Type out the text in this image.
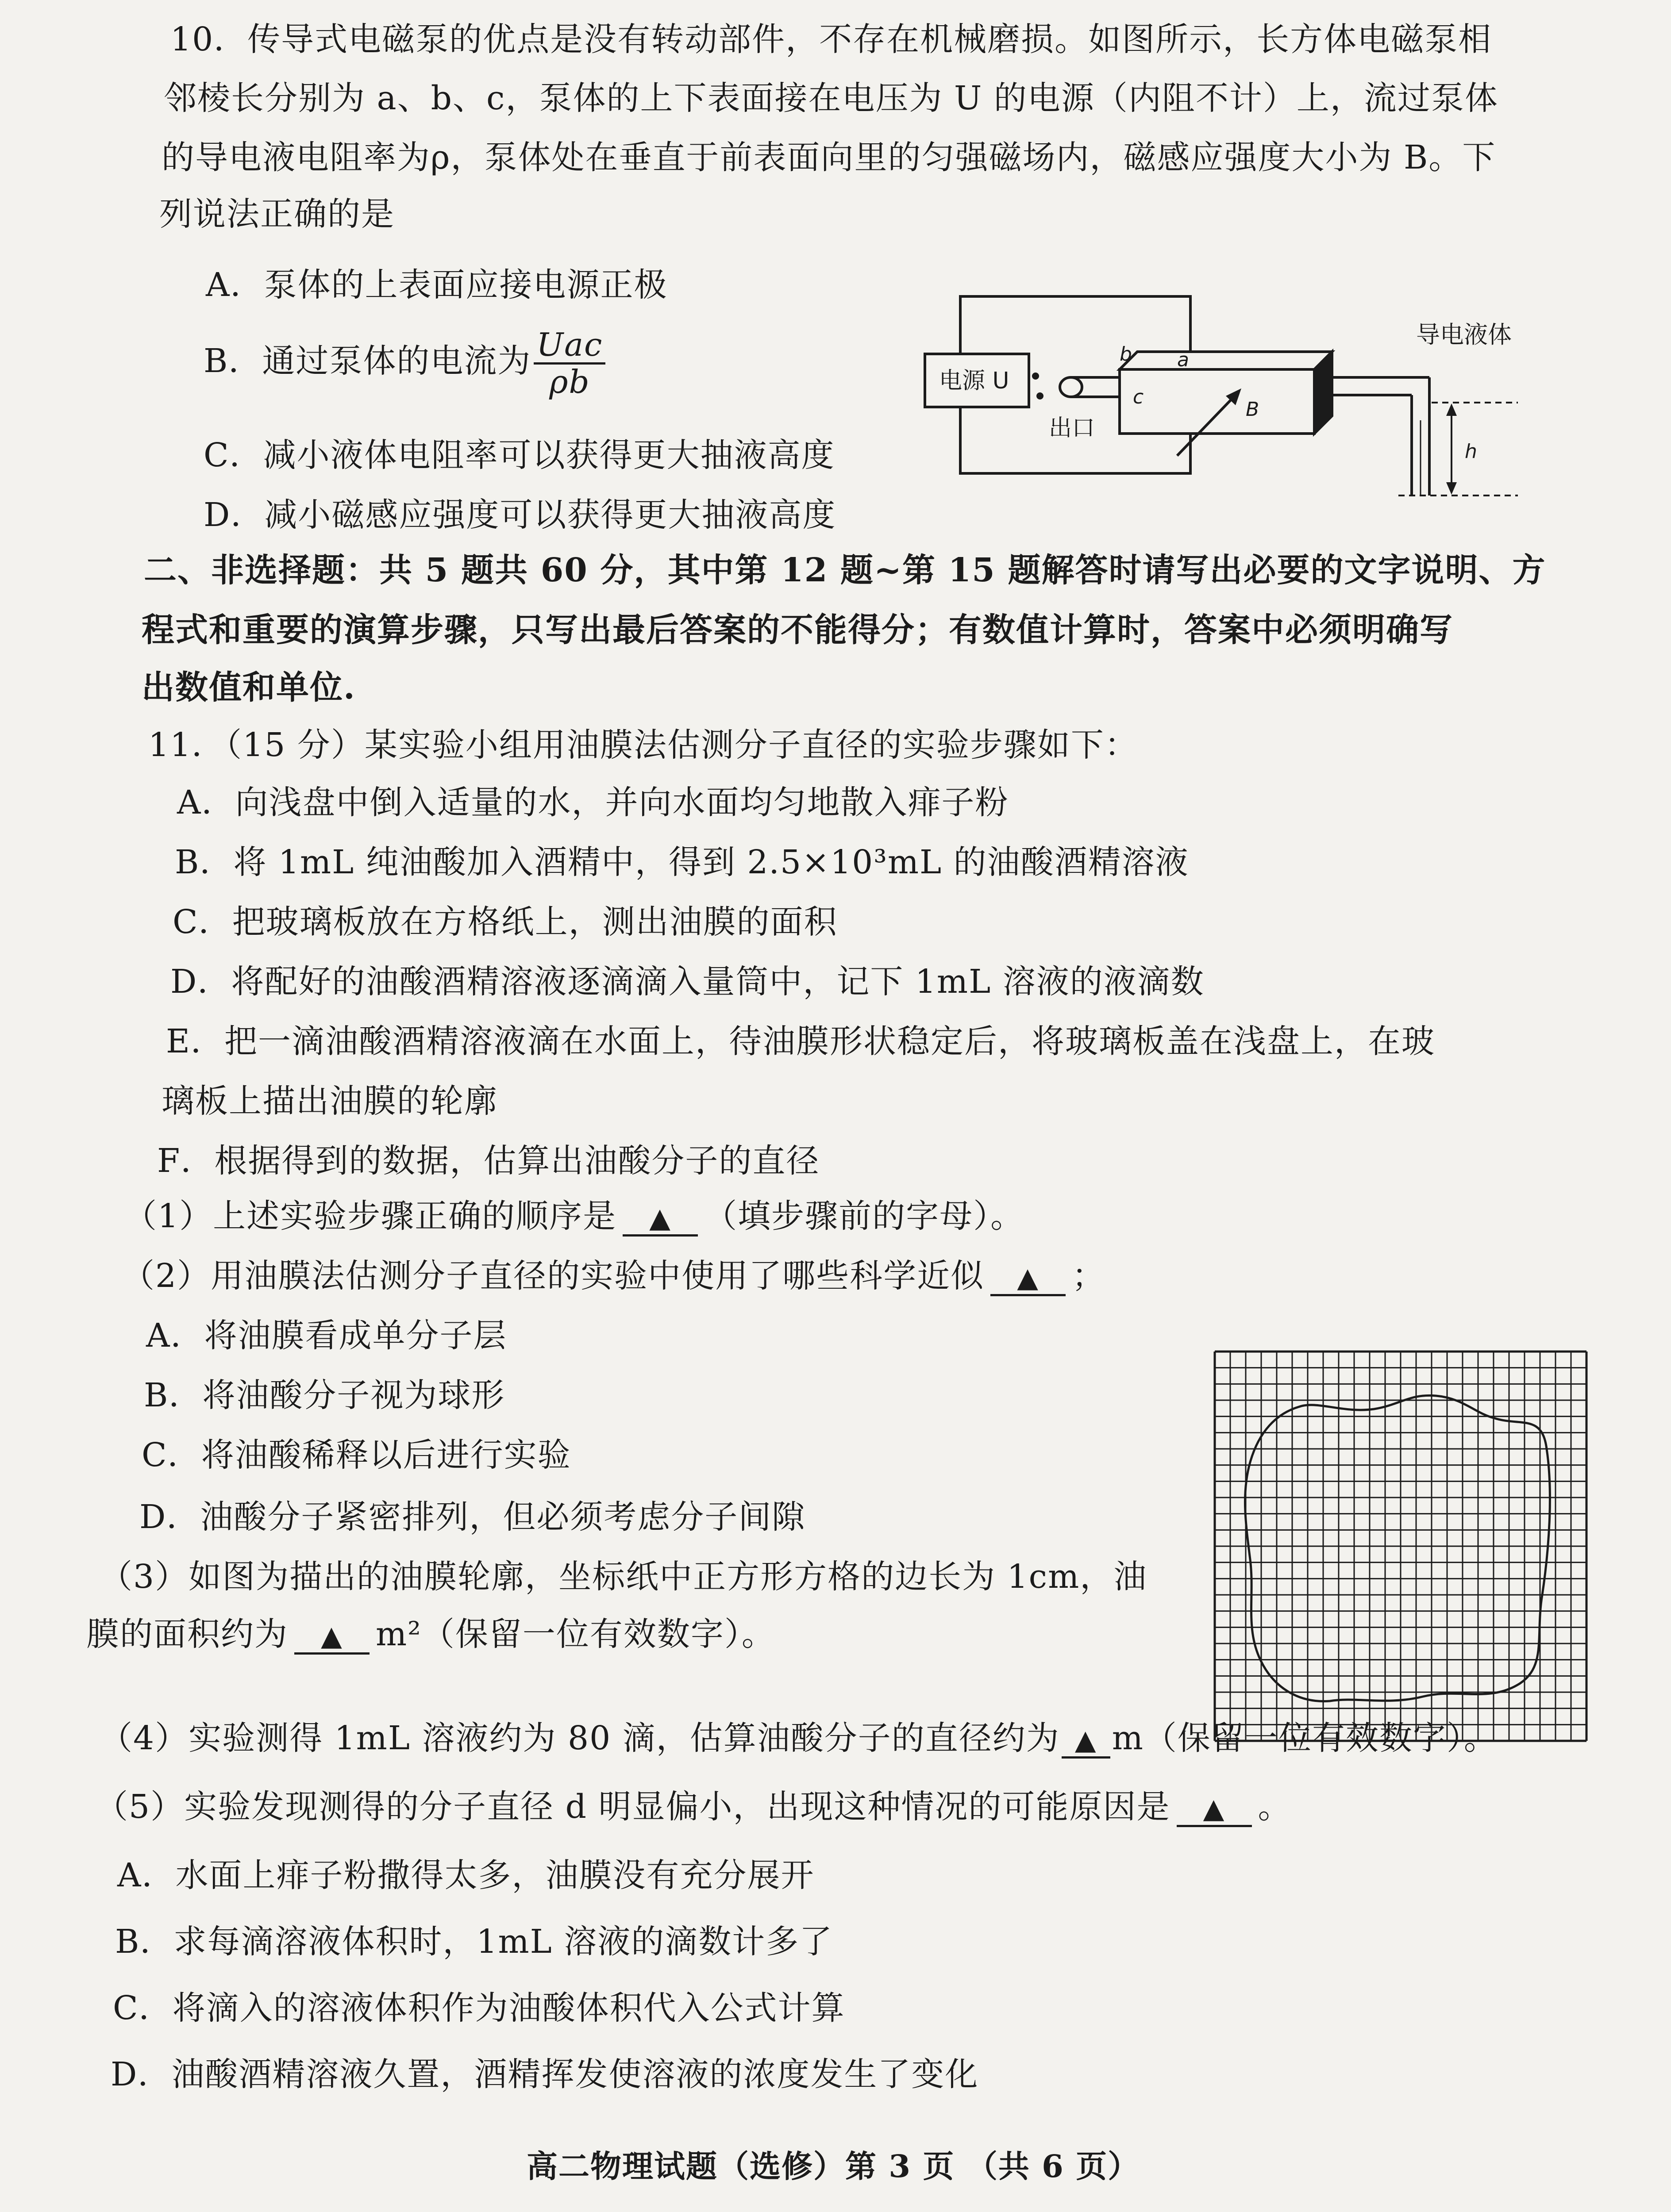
10．传导式电磁泵的优点是没有转动部件，不存在机械磨损。如图所示，长方体电磁泵相
邻棱长分别为 a、b、c，泵体的上下表面接在电压为 U 的电源（内阻不计）上，流过泵体
的导电液电阻率为ρ，泵体处在垂直于前表面向里的匀强磁场内，磁感应强度大小为 B。下
列说法正确的是
A．泵体的上表面应接电源正极
B．通过泵体的电流为 $\frac{\text{Uac}}{\rho b}$
C．减小液体电阻率可以获得更大抽液高度
D．减小磁感应强度可以获得更大抽液高度
电源 U
出口
b a
c
B
h
导电液体
二、非选择题：共 5 题共 60 分，其中第 12 题~第 15 题解答时请写出必要的文字说明、方
程式和重要的演算步骤，只写出最后答案的不能得分；有数值计算时，答案中必须明确写
出数值和单位.
11．（15 分）某实验小组用油膜法估测分子直径的实验步骤如下：
A．向浅盘中倒入适量的水，并向水面均匀地散入痱子粉
B．将 1mL 纯油酸加入酒精中，得到 2.5×10³mL 的油酸酒精溶液
C．把玻璃板放在方格纸上，测出油膜的面积
D．将配好的油酸酒精溶液逐滴滴入量筒中，记下 1mL 溶液的液滴数
E．把一滴油酸酒精溶液滴在水面上，待油膜形状稳定后，将玻璃板盖在浅盘上，在玻
璃板上描出油膜的轮廓
F．根据得到的数据，估算出油酸分子的直径
（1）上述实验步骤正确的顺序是 ▲ （填步骤前的字母）。
（2）用油膜法估测分子直径的实验中使用了哪些科学近似 ▲ ；
A．将油膜看成单分子层
B．将油酸分子视为球形
C．将油酸稀释以后进行实验
D．油酸分子紧密排列，但必须考虑分子间隙
（3）如图为描出的油膜轮廓，坐标纸中正方形方格的边长为 1cm，油
膜的面积约为 ▲ m²（保留一位有效数字）。
（4）实验测得 1mL 溶液约为 80 滴，估算油酸分子的直径约为 ▲ m（保留一位有效数字）。
（5）实验发现测得的分子直径 d 明显偏小，出现这种情况的可能原因是 ▲ 。
A．水面上痱子粉撒得太多，油膜没有充分展开
B．求每滴溶液体积时，1mL 溶液的滴数计多了
C．将滴入的溶液体积作为油酸体积代入公式计算
D．油酸酒精溶液久置，酒精挥发使溶液的浓度发生了变化
高二物理试题（选修）第 3 页 （共 6 页）
